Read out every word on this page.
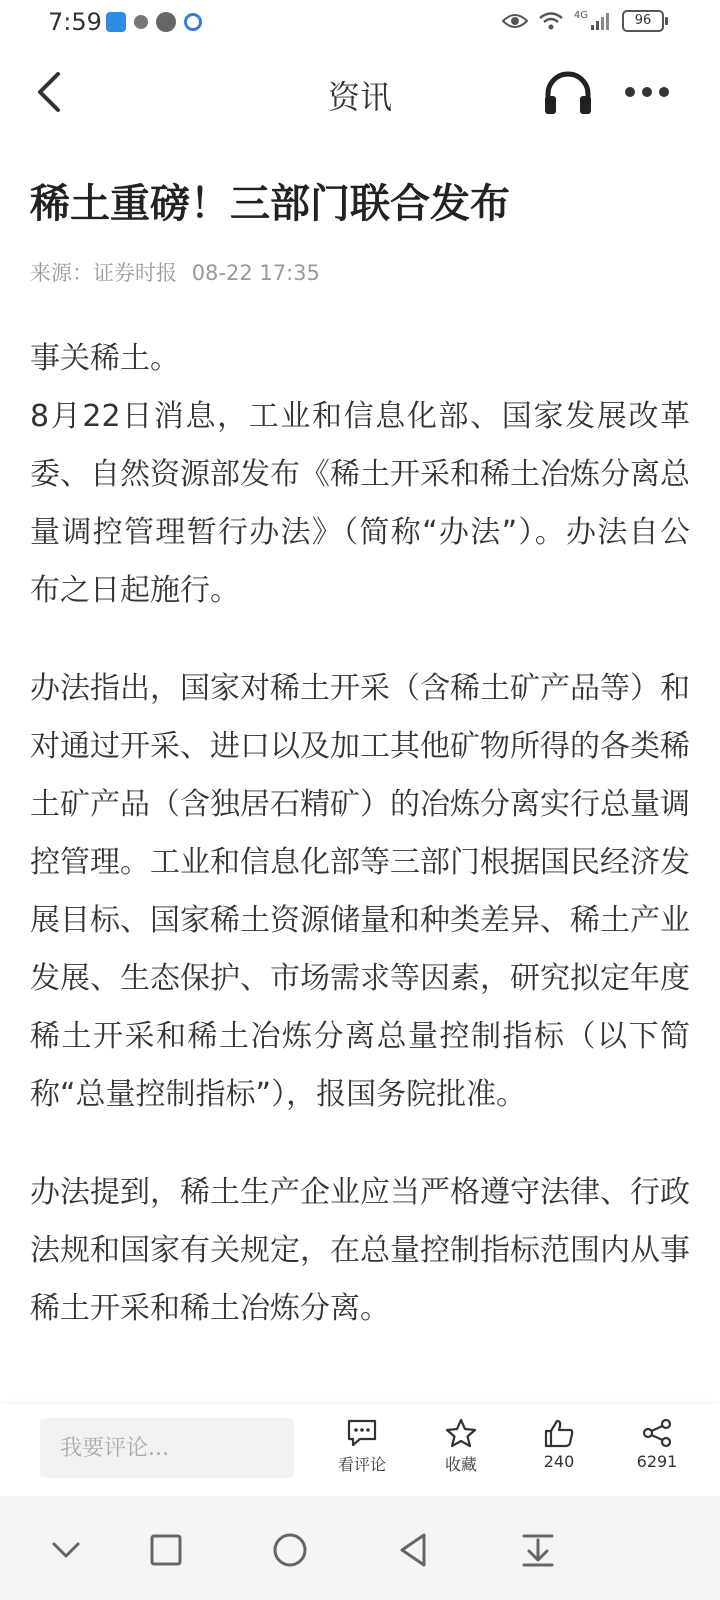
7:59	4G	96
资讯
稀土重磅！三部门联合发布
来源：证券时报 08-22 17:35

事关稀土。

8月22日消息，工业和信息化部、国家发展改革委、自然资源部发布《稀土开采和稀土冶炼分离总量调控管理暂行办法》（简称“办法”）。办法自公布之日起施行。

办法指出，国家对稀土开采（含稀土矿产品等）和对通过开采、进口以及加工其他矿物所得的各类稀土矿产品（含独居石精矿）的冶炼分离实行总量调控管理。工业和信息化部等三部门根据国民经济发展目标、国家稀土资源储量和种类差异、稀土产业发展、生态保护、市场需求等因素，研究拟定年度稀土开采和稀土冶炼分离总量控制指标（以下简称“总量控制指标”），报国务院批准。

办法提到，稀土生产企业应当严格遵守法律、行政法规和国家有关规定，在总量控制指标范围内从事稀土开采和稀土冶炼分离。

我要评论...
看评论	收藏	240	6291
